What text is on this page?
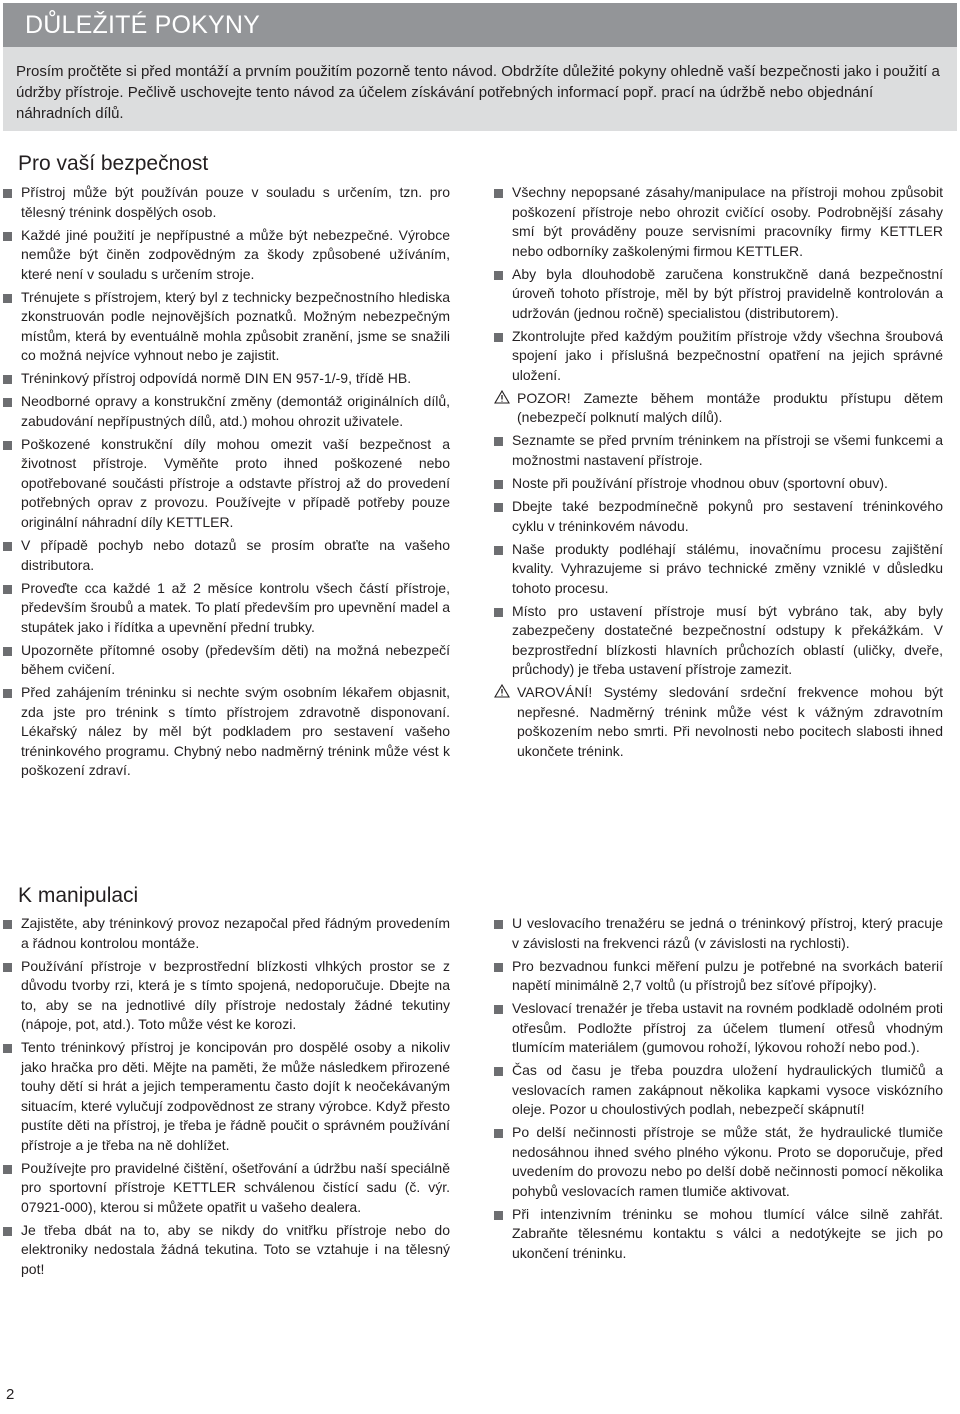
DŮLEŽITÉ POKYNY

Prosím pročtěte si před montáží a prvním použitím pozorně tento návod. Obdržíte důležité pokyny ohledně vaší bezpečnosti jako i použití a údržby přístroje. Pečlivě uschovejte tento návod za účelem získávání potřebných informací popř. prací na údržbě nebo objednání náhradních dílů.

Pro vaší bezpečnost
Přístroj může být používán pouze v souladu s určením, tzn. pro tělesný trénink dospělých osob.
Každé jiné použití je nepřípustné a může být nebezpečné. Výrobce nemůže být činěn zodpovědným za škody způsobené užíváním, které není v souladu s určením stroje.
Trénujete s přístrojem, který byl z technicky bezpečnostního hlediska zkonstruován podle nejnovějších poznatků. Možným nebezpečným místům, která by eventuálně mohla způsobit zranění, jsme se snažili co možná nejvíce vyhnout nebo je zajistit.
Tréninkový přístroj odpovídá normě DIN EN 957-1/-9, třídě HB.
Neodborné opravy a konstrukční změny (demontáž originálních dílů, zabudování nepřípustných dílů, atd.) mohou ohrozit uživatele.
Poškozené konstrukční díly mohou omezit vaší bezpečnost a životnost přístroje. Vyměňte proto ihned poškozené nebo opotřebované součásti přístroje a odstavte přístroj až do provedení potřebných oprav z provozu. Používejte v případě potřeby pouze originální náhradní díly KETTLER.
V případě pochyb nebo dotazů se prosím obraťte na vašeho distributora.
Proveďte cca každé 1 až 2 měsíce kontrolu všech částí přístroje, především šroubů a matek. To platí především pro upevnění madel a stupátek jako i řídítka a upevnění přední trubky.
Upozorněte přítomné osoby (především děti) na možná nebezpečí během cvičení.
Před zahájením tréninku si nechte svým osobním lékařem objasnit, zda jste pro trénink s tímto přístrojem zdravotně disponovaní. Lékařský nález by měl být podkladem pro sestavení vašeho tréninkového programu. Chybný nebo nadměrný trénink může vést k poškození zdraví.
Všechny nepopsané zásahy/manipulace na přístroji mohou způsobit poškození přístroje nebo ohrozit cvičící osoby. Podrobnější zásahy smí být prováděny pouze servisními pracovníky firmy KETTLER nebo odborníky zaškolenými firmou KETTLER.
Aby byla dlouhodobě zaručena konstrukčně daná bezpečnostní úroveň tohoto přístroje, měl by být přístroj pravidelně kontrolován a udržován (jednou ročně) specialistou (distributorem).
Zkontrolujte před každým použitím přístroje vždy všechna šroubová spojení jako i příslušná bezpečnostní opatření na jejich správné uložení.
POZOR! Zamezte během montáže produktu přístupu dětem (nebezpečí polknutí malých dílů).
Seznamte se před prvním tréninkem na přístroji se všemi funkcemi a možnostmi nastavení přístroje.
Noste při používání přístroje vhodnou obuv (sportovní obuv).
Dbejte také bezpodmínečně pokynů pro sestavení tréninkového cyklu v tréninkovém návodu.
Naše produkty podléhají stálému, inovačnímu procesu zajištění kvality. Vyhrazujeme si právo technické změny vzniklé v důsledku tohoto procesu.
Místo pro ustavení přístroje musí být vybráno tak, aby byly zabezpečeny dostatečné bezpečnostní odstupy k překážkám. V bezprostřední blízkosti hlavních průchozích oblastí (uličky, dveře, průchody) je třeba ustavení přístroje zamezit.
VAROVÁNÍ! Systémy sledování srdeční frekvence mohou být nepřesné. Nadměrný trénink může vést k vážným zdravotním poškozením nebo smrti. Při nevolnosti nebo pocitech slabosti ihned ukončete trénink.
K manipulaci
Zajistěte, aby tréninkový provoz nezapočal před řádným provedením a řádnou kontrolou montáže.
Používání přístroje v bezprostřední blízkosti vlhkých prostor se z důvodu tvorby rzi, která je s tímto spojená, nedoporučuje. Dbejte na to, aby se na jednotlivé díly přístroje nedostaly žádné tekutiny (nápoje, pot, atd.). Toto může vést ke korozi.
Tento tréninkový přístroj je koncipován pro dospělé osoby a nikoliv jako hračka pro děti. Mějte na paměti, že může následkem přirozené touhy dětí si hrát a jejich temperamentu často dojít k neočekávaným situacím, které vylučují zodpovědnost ze strany výrobce. Když přesto pustíte děti na přístroj, je třeba je řádně poučit o správném používání přístroje a je třeba na ně dohlížet.
Používejte pro pravidelné čištění, ošetřování a údržbu naší speciálně pro sportovní přístroje KETTLER schválenou čistící sadu (č. výr. 07921-000), kterou si můžete opatřit u vašeho dealera.
Je třeba dbát na to, aby se nikdy do vnitřku přístroje nebo do elektroniky nedostala žádná tekutina. Toto se vztahuje i na tělesný pot!
U veslovacího trenažéru se jedná o tréninkový přístroj, který pracuje v závislosti na frekvenci rázů (v závislosti na rychlosti).
Pro bezvadnou funkci měření pulzu je potřebné na svorkách baterií napětí minimálně 2,7 voltů (u přístrojů bez síťové přípojky).
Veslovací trenažér je třeba ustavit na rovném podkladě odolném proti otřesům. Podložte přístroj za účelem tlumení otřesů vhodným tlumícím materiálem (gumovou rohoží, lýkovou rohoží nebo pod.).
Čas od času je třeba pouzdra uložení hydraulických tlumičů a veslovacích ramen zakápnout několika kapkami vysoce viskózního oleje. Pozor u choulostivých podlah, nebezpečí skápnutí!
Po delší nečinnosti přístroje se může stát, že hydraulické tlumiče nedosáhnou ihned svého plného výkonu. Proto se doporučuje, před uvedením do provozu nebo po delší době nečinnosti pomocí několika pohybů veslovacích ramen tlumiče aktivovat.
Při intenzivním tréninku se mohou tlumící válce silně zahřát. Zabraňte tělesnému kontaktu s válci a nedotýkejte se jich po ukončení tréninku.
2
